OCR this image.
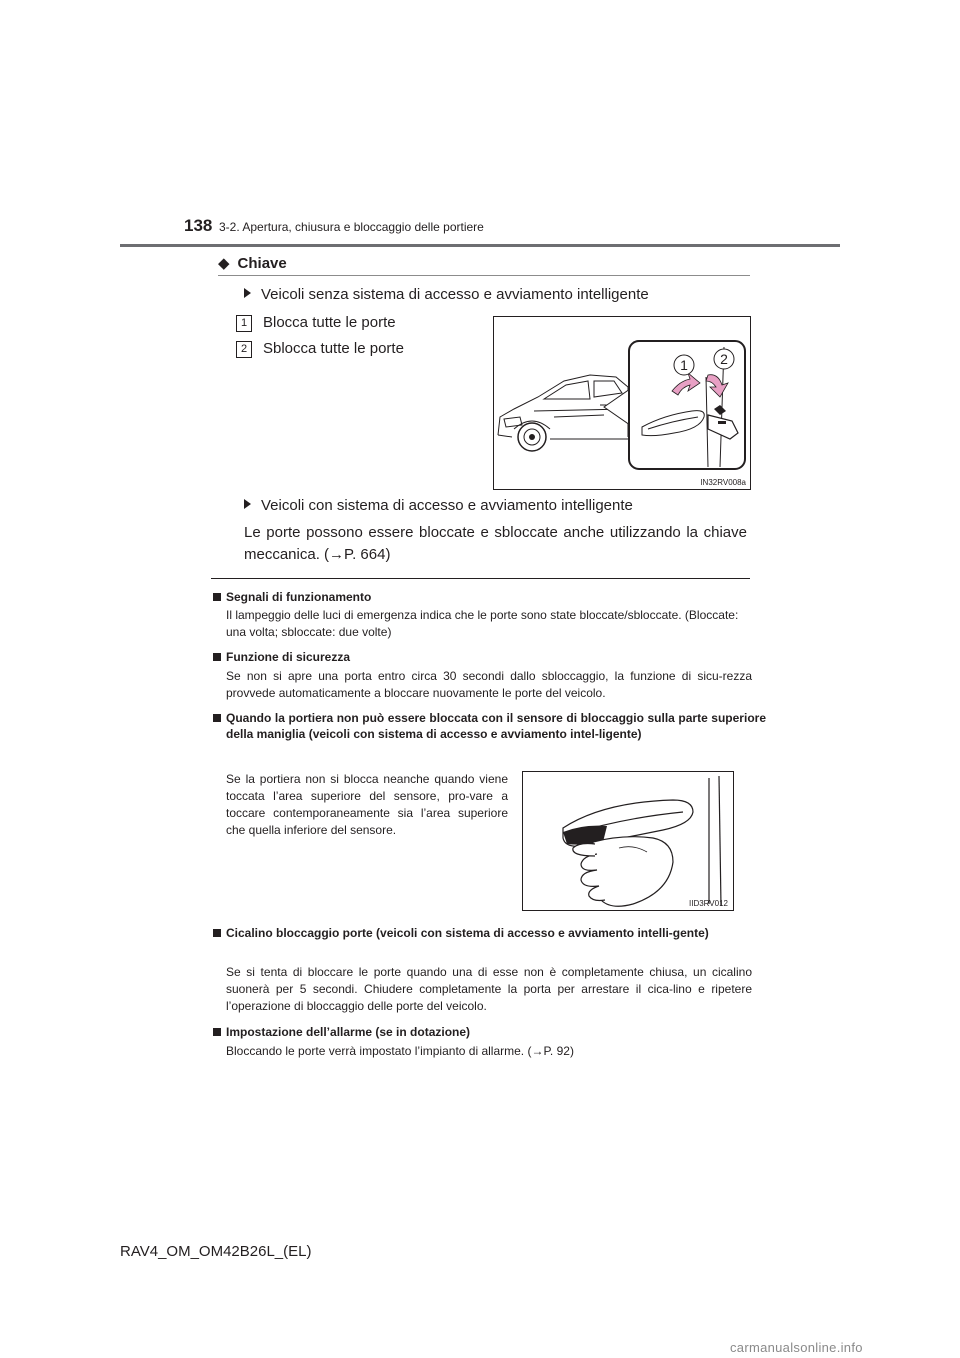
138 3-2. Apertura, chiusura e bloccaggio delle portiere
◆ Chiave
Veicoli senza sistema di accesso e avviamento intelligente
1 Blocca tutte le porte
2 Sblocca tutte le porte
1 2
IN32RV008a
Veicoli con sistema di accesso e avviamento intelligente
Le porte possono essere bloccate e sbloccate anche utilizzando la chiave meccanica. (→P. 664)
Segnali di funzionamento
Il lampeggio delle luci di emergenza indica che le porte sono state bloccate/sbloccate. (Bloccate: una volta; sbloccate: due volte)
Funzione di sicurezza
Se non si apre una porta entro circa 30 secondi dallo sbloccaggio, la funzione di sicu-rezza provvede automaticamente a bloccare nuovamente le porte del veicolo.
Quando la portiera non può essere bloccata con il sensore di bloccaggio sulla parte superiore della maniglia (veicoli con sistema di accesso e avviamento intel-ligente)
Se la portiera non si blocca neanche quando viene toccata l’area superiore del sensore, pro-vare a toccare contemporaneamente sia l’area superiore che quella inferiore del sensore.
IID3RV012
Cicalino bloccaggio porte (veicoli con sistema di accesso e avviamento intelli-gente)
Se si tenta di bloccare le porte quando una di esse non è completamente chiusa, un cicalino suonerà per 5 secondi. Chiudere completamente la porta per arrestare il cica-lino e ripetere l’operazione di bloccaggio delle porte del veicolo.
Impostazione dell’allarme (se in dotazione)
Bloccando le porte verrà impostato l’impianto di allarme. (→P. 92)
RAV4_OM_OM42B26L_(EL)
carmanualsonline.info
